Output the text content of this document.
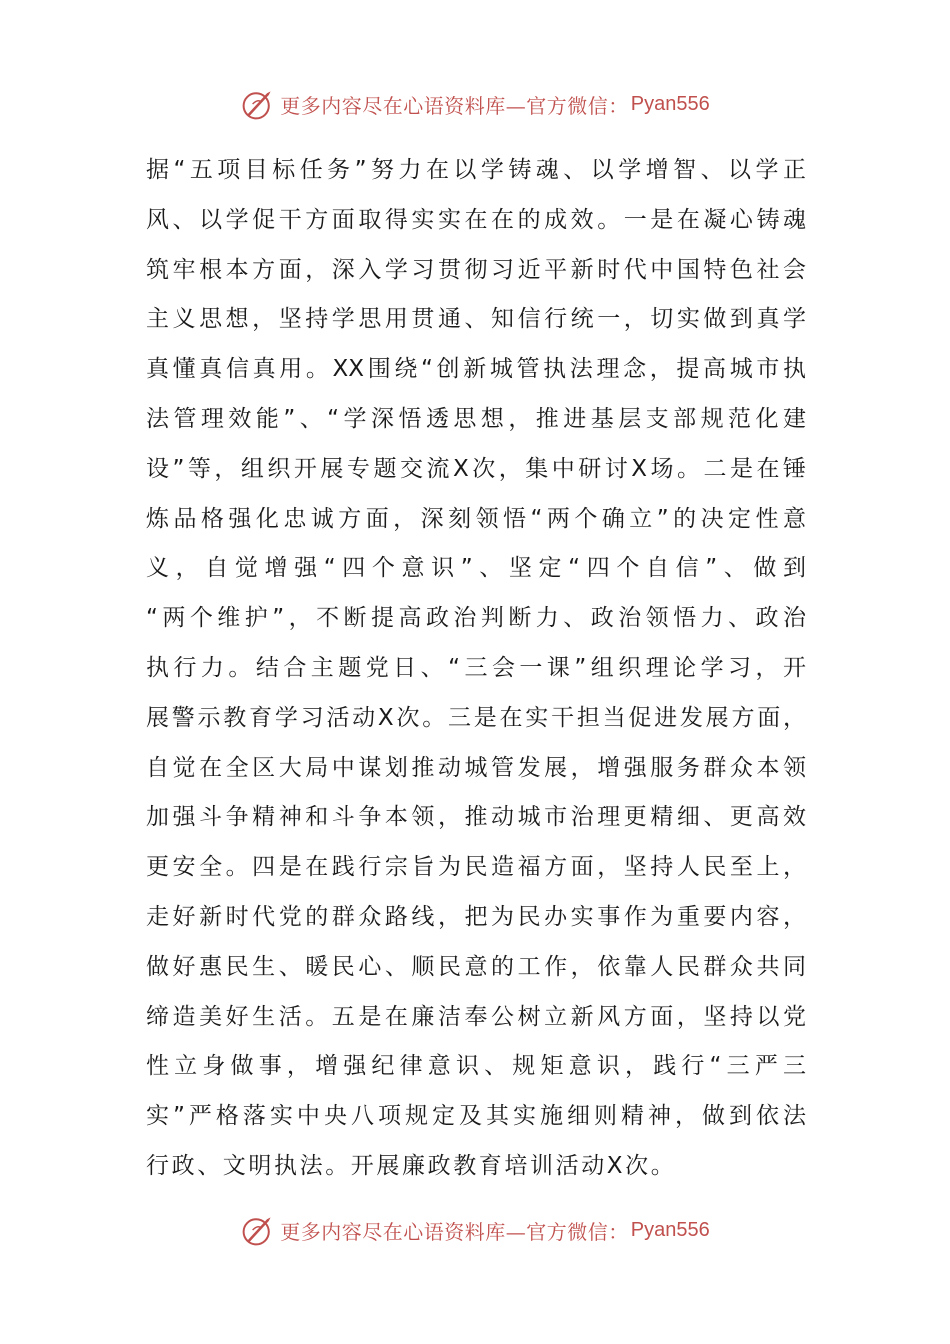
更多内容尽在心语资料库—官方微信： Pyan556
据“五项目标任务”努力在以学铸魂、以学增智、以学正
风、以学促干方面取得实实在在的成效。一是在凝心铸魂
筑牢根本方面，深入学习贯彻习近平新时代中国特色社会
主义思想，坚持学思用贯通、知信行统一，切实做到真学
真懂真信真用。XX围绕“创新城管执法理念，提高城市执
法管理效能”、“学深悟透思想，推进基层支部规范化建
设”等，组织开展专题交流X次，集中研讨X场。二是在锤
炼品格强化忠诚方面，深刻领悟“两个确立”的决定性意
义，自觉增强“四个意识”、坚定“四个自信”、做到
“两个维护”，不断提高政治判断力、政治领悟力、政治
执行力。结合主题党日、“三会一课”组织理论学习，开
展警示教育学习活动X次。三是在实干担当促进发展方面，
自觉在全区大局中谋划推动城管发展，增强服务群众本领
加强斗争精神和斗争本领，推动城市治理更精细、更高效
更安全。四是在践行宗旨为民造福方面，坚持人民至上，
走好新时代党的群众路线，把为民办实事作为重要内容，
做好惠民生、暖民心、顺民意的工作，依靠人民群众共同
缔造美好生活。五是在廉洁奉公树立新风方面，坚持以党
性立身做事，增强纪律意识、规矩意识，践行“三严三
实”严格落实中央八项规定及其实施细则精神，做到依法
行政、文明执法。开展廉政教育培训活动X次。
更多内容尽在心语资料库—官方微信： Pyan556
